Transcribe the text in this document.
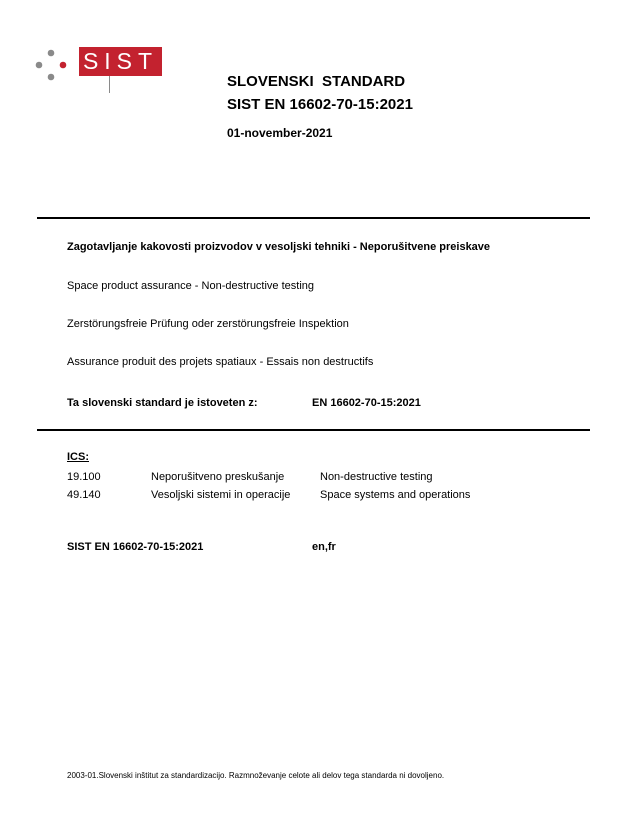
SIST
SLOVENSKI  STANDARD
SIST EN 16602-70-15:2021
01-november-2021
Zagotavljanje kakovosti proizvodov v vesoljski tehniki - Neporušitvene preiskave
Space product assurance - Non-destructive testing
Zerstörungsfreie Prüfung oder zerstörungsfreie Inspektion
Assurance produit des projets spatiaux - Essais non destructifs
Ta slovenski standard je istoveten z:	EN 16602-70-15:2021
ICS:
19.100	Neporušitveno preskušanje	Non-destructive testing
49.140	Vesoljski sistemi in operacije	Space systems and operations
SIST EN 16602-70-15:2021	en,fr
2003-01.Slovenski inštitut za standardizacijo. Razmnoževanje celote ali delov tega standarda ni dovoljeno.
